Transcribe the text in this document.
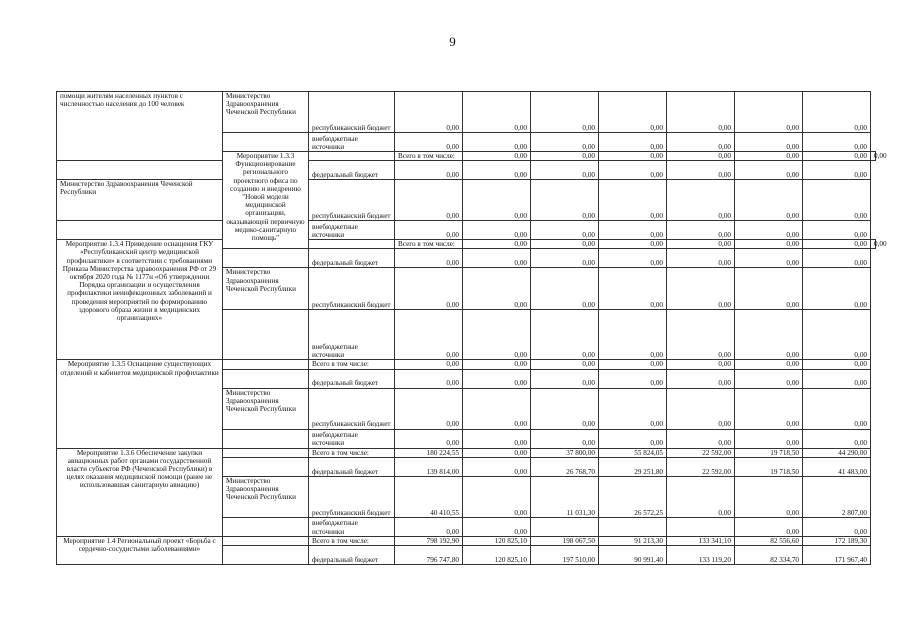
9
помощи жителям населенных пунктов с численностью населения до 100 человек	Министерство Здравоохранения Чеченской Республики	республиканский бюджет	0,00	0,00	0,00	0,00	0,00	0,00	0,00	
		внебюджетные источники	0,00	0,00	0,00	0,00	0,00	0,00	0,00	
	Мероприятие 1.3.3 Функционирование регионального проектного офиса по созданию и внедрению "Новой модели медицинской организации, оказывающей первичную медико-санитарную помощь"		Всего в том числе:	0,00	0,00	0,00	0,00	0,00	0,00	0,00
		федеральный бюджет	0,00	0,00	0,00	0,00	0,00	0,00	0,00	
Министерство Здравоохранения Чеченской Республики		республиканский бюджет	0,00	0,00	0,00	0,00	0,00	0,00	0,00	
		внебюджетные источники	0,00	0,00	0,00	0,00	0,00	0,00	0,00	
Мероприятие 1.3.4 Приведение оснащения ГКУ «Республиканский центр медицинской профилактики» в соответствии с требованиями Приказа Министерства здравоохранения РФ от 29 октября 2020 года № 1177н «Об утверждении Порядка организации и осуществления профилактики неинфекционных заболеваний и проведения мероприятий по формированию здорового образа жизни в медицинских организациях»			Всего в том числе:	0,00	0,00	0,00	0,00	0,00	0,00	0,00
		федеральный бюджет	0,00	0,00	0,00	0,00	0,00	0,00	0,00	
	Министерство Здравоохранения Чеченской Республики	республиканский бюджет	0,00	0,00	0,00	0,00	0,00	0,00	0,00	
		внебюджетные источники	0,00	0,00	0,00	0,00	0,00	0,00	0,00	
Мероприятие 1.3.5 Оснащение существующих отделений и кабинетов медицинской профилактики		Всего в том числе:	0,00	0,00	0,00	0,00	0,00	0,00	0,00	
		федеральный бюджет	0,00	0,00	0,00	0,00	0,00	0,00	0,00	
	Министерство Здравоохранения Чеченской Республики	республиканский бюджет	0,00	0,00	0,00	0,00	0,00	0,00	0,00	
		внебюджетные источники	0,00	0,00	0,00	0,00	0,00	0,00	0,00	
Мероприятие 1.3.6 Обеспечение закупки авиационных работ органами государственной власти субъектов РФ (Чеченской Республики) в целях оказания медицинской помощи (ранее не использовавшая санитарную авиацию)		Всего в том числе:	180 224,55	0,00	37 800,00	55 824,05	22 592,00	19 718,50	44 290,00	
		федеральный бюджет	139 814,00	0,00	26 768,70	29 251,80	22 592,00	19 718,50	41 483,00	
	Министерство Здравоохранения Чеченской Республики	республиканский бюджет	40 410,55	0,00	11 031,30	26 572,25	0,00	0,00	2 807,00	
		внебюджетные источники	0,00	0,00				0,00	0,00	
Мероприятие 1.4 Региональный проект «Борьба с сердечно-сосудистыми заболеваниями»		Всего в том числе:	798 192,90	120 825,10	198 067,50	91 213,30	133 341,10	82 556,60	172 189,30	
		федеральный бюджет	796 747,80	120 825,10	197 510,00	90 991,40	133 119,20	82 334,70	171 967,40	
